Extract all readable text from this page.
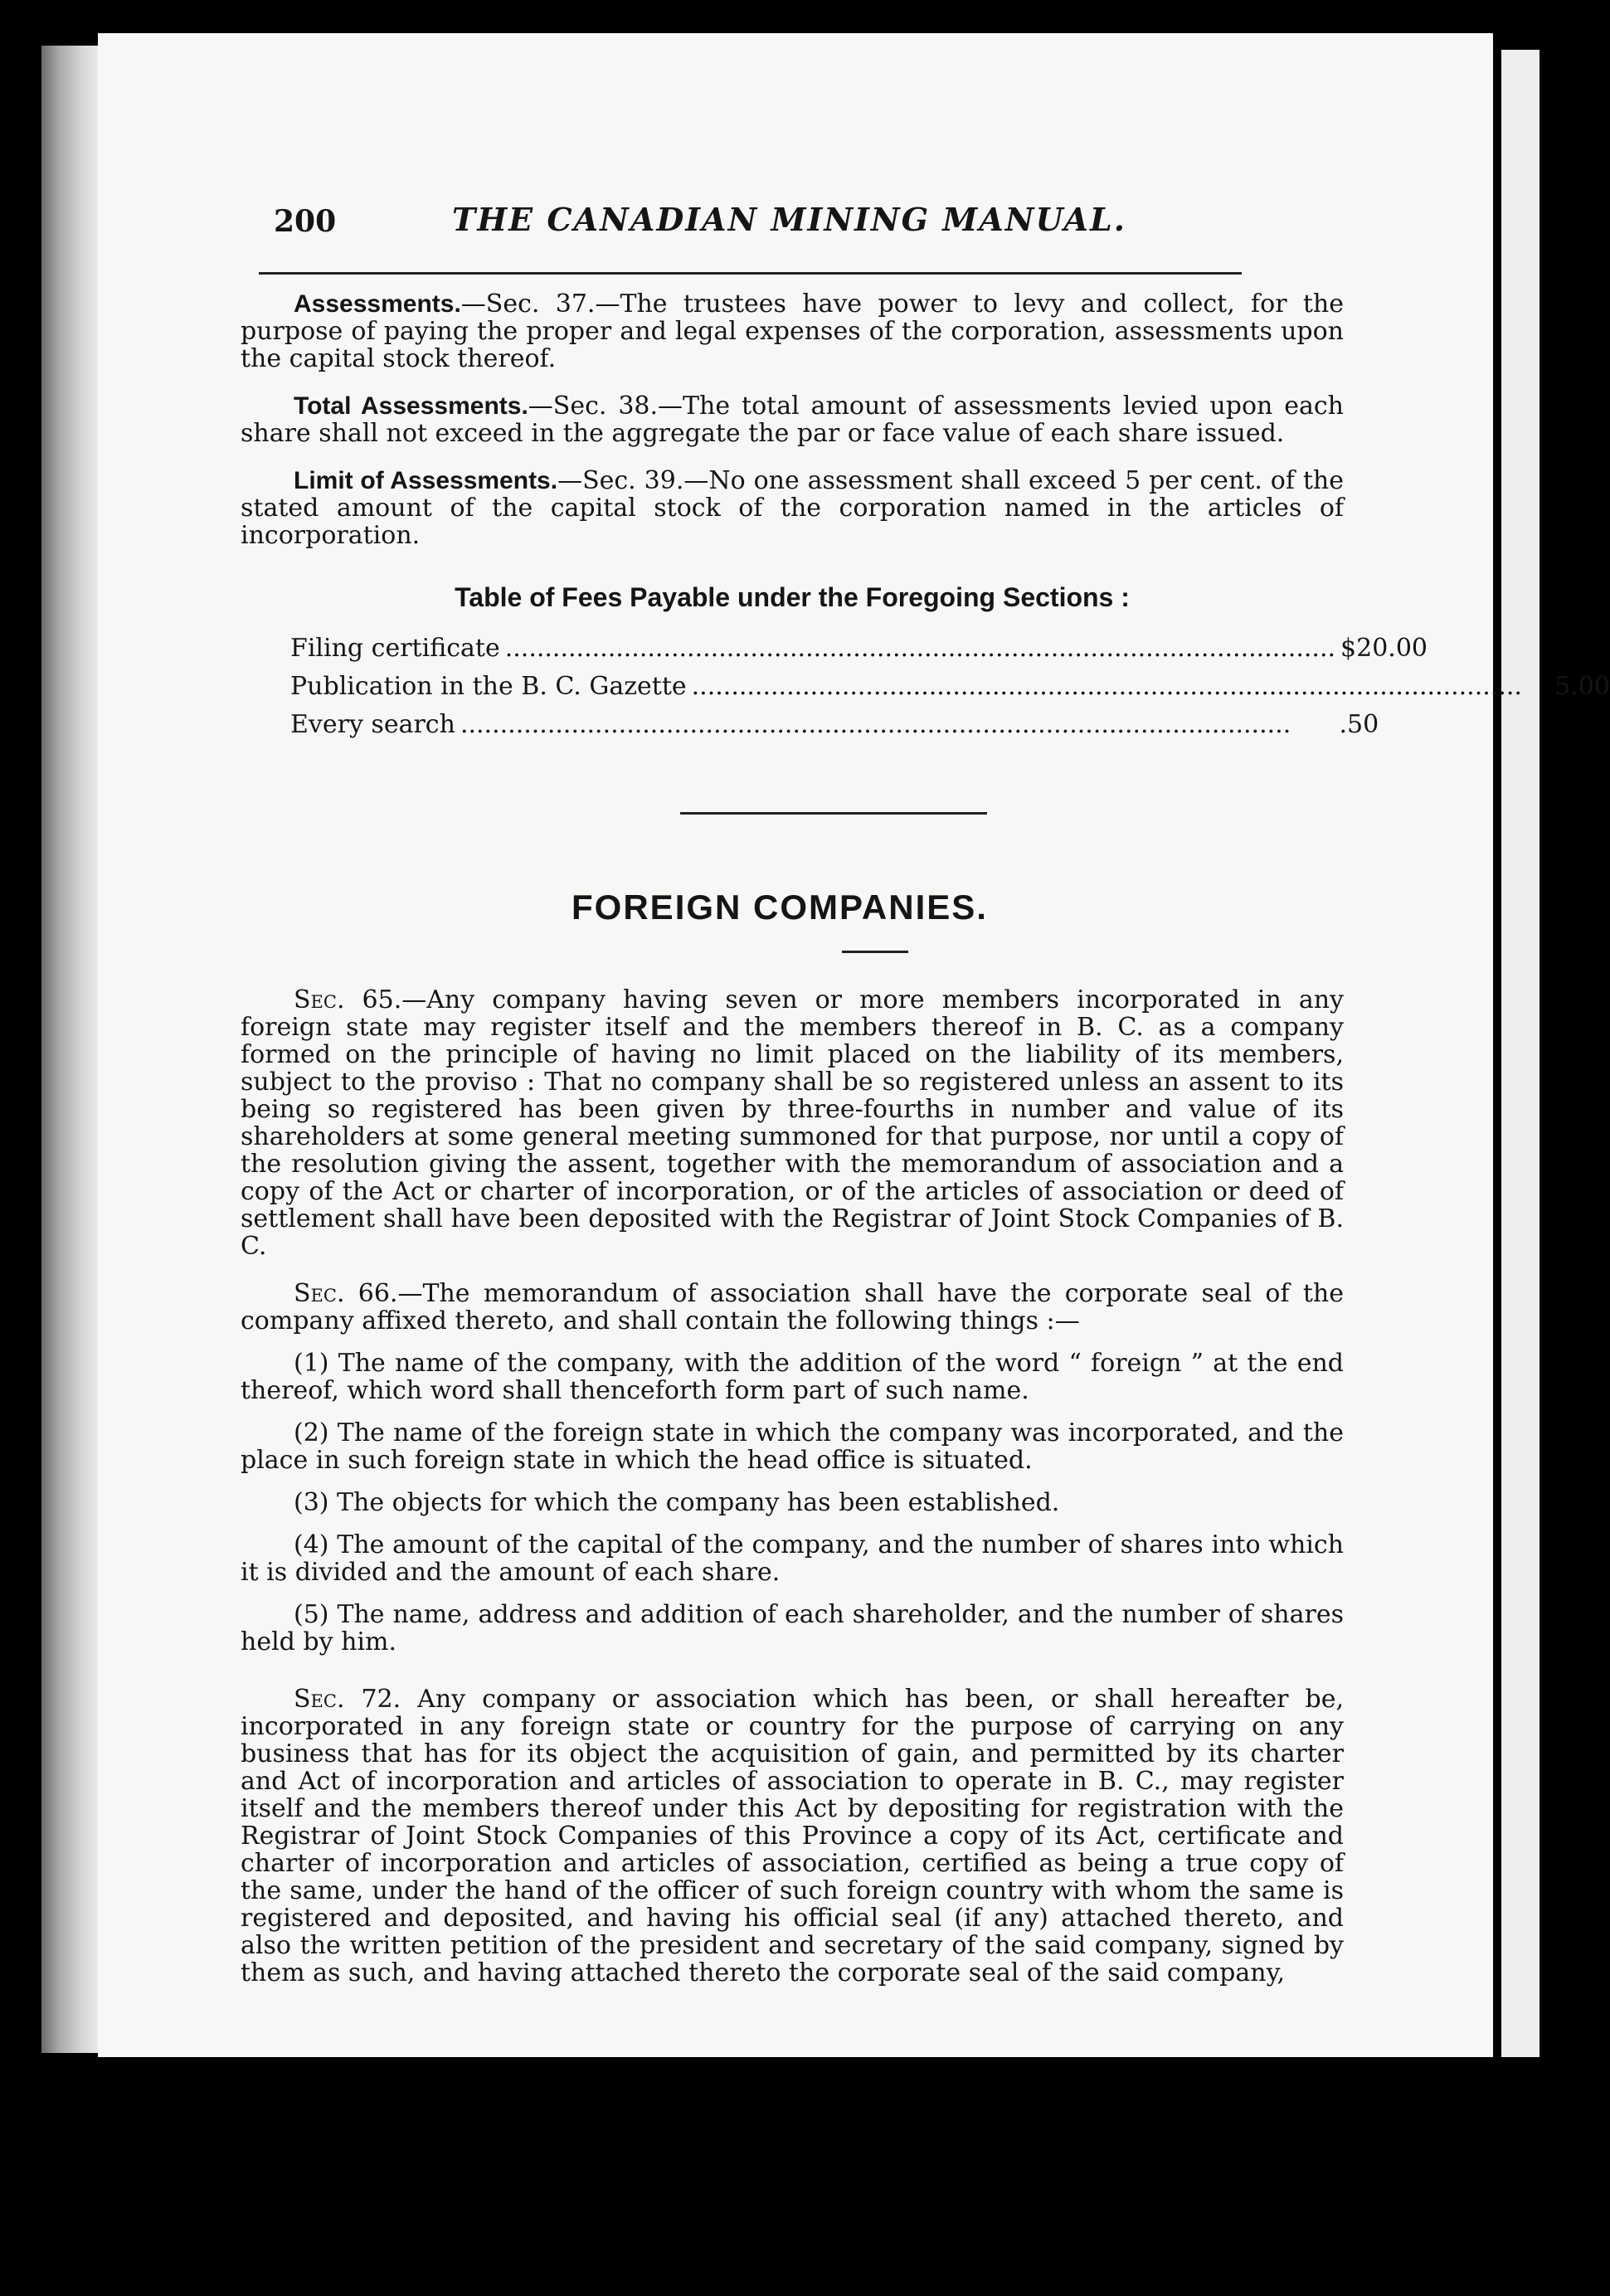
200	THE CANADIAN MINING MANUAL.

Assessments.—Sec. 37.—The trustees have power to levy and collect, for the purpose of paying the proper and legal expenses of the corporation, assessments upon the capital stock thereof.

Total Assessments.—Sec. 38.—The total amount of assessments levied upon each share shall not exceed in the aggregate the par or face value of each share issued.

Limit of Assessments.—Sec. 39.—No one assessment shall exceed 5 per cent. of the stated amount of the capital stock of the corporation named in the articles of incorporation.

Table of Fees Payable under the Foregoing Sections :
Filing certificate ......................................................................................................... $20.00
Publication in the B. C. Gazette .........................................................................................................	5.00
Every search .........................................................................................................	.50
FOREIGN COMPANIES.

Sec. 65.—Any company having seven or more members incorporated in any foreign state may register itself and the members thereof in B. C. as a company formed on the principle of having no limit placed on the liability of its members, subject to the proviso : That no company shall be so registered unless an assent to its being so registered has been given by three-fourths in number and value of its shareholders at some general meeting summoned for that purpose, nor until a copy of the resolution giving the assent, together with the memorandum of association and a copy of the Act or charter of incorporation, or of the articles of association or deed of settlement shall have been deposited with the Registrar of Joint Stock Companies of B. C.

Sec. 66.—The memorandum of association shall have the corporate seal of the company affixed thereto, and shall contain the following things :—

(1) The name of the company, with the addition of the word “ foreign ” at the end thereof, which word shall thenceforth form part of such name.

(2) The name of the foreign state in which the company was incorporated, and the place in such foreign state in which the head office is situated.

(3) The objects for which the company has been established.

(4) The amount of the capital of the company, and the number of shares into which it is divided and the amount of each share.

(5) The name, address and addition of each shareholder, and the number of shares held by him.

Sec. 72. Any company or association which has been, or shall hereafter be, incorporated in any foreign state or country for the purpose of carrying on any business that has for its object the acquisition of gain, and permitted by its charter and Act of incorporation and articles of association to operate in B. C., may register itself and the members thereof under this Act by depositing for registration with the Registrar of Joint Stock Companies of this Province a copy of its Act, certificate and charter of incorporation and articles of association, certified as being a true copy of the same, under the hand of the officer of such foreign country with whom the same is registered and deposited, and having his official seal (if any) attached thereto, and also the written petition of the president and secretary of the said company, signed by them as such, and having attached thereto the corporate seal of the said company,
